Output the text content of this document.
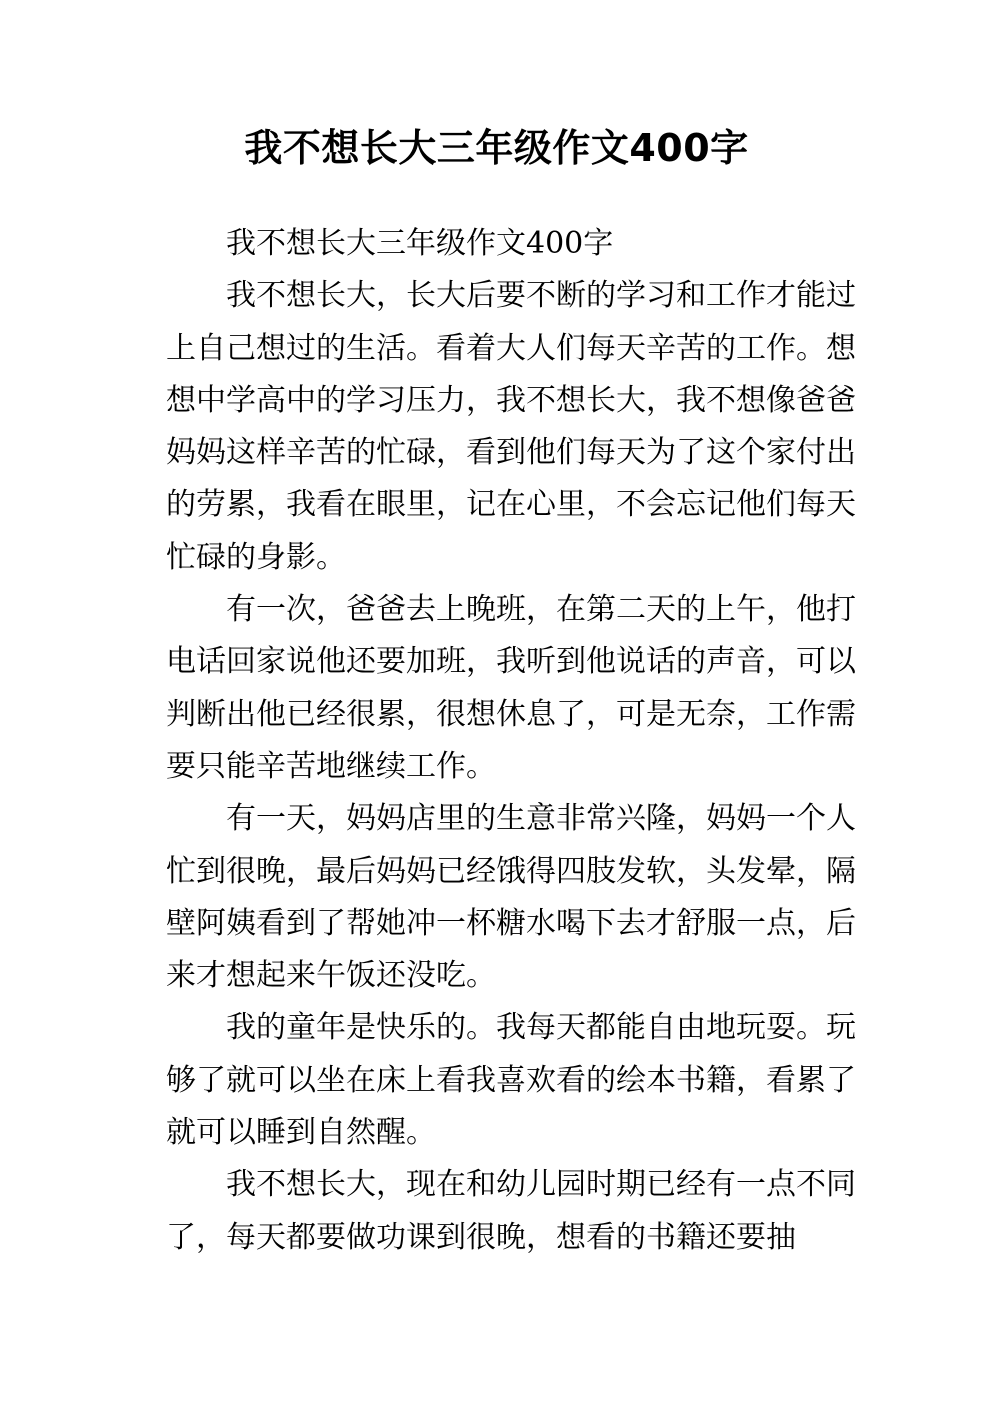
我不想长大三年级作文400字

我不想长大三年级作文400字

我不想长大，长大后要不断的学习和工作才能过上自己想过的生活。看着大人们每天辛苦的工作。想想中学高中的学习压力，我不想长大，我不想像爸爸妈妈这样辛苦的忙碌，看到他们每天为了这个家付出的劳累，我看在眼里，记在心里，不会忘记他们每天忙碌的身影。

有一次，爸爸去上晚班，在第二天的上午，他打电话回家说他还要加班，我听到他说话的声音，可以判断出他已经很累，很想休息了，可是无奈，工作需要只能辛苦地继续工作。

有一天，妈妈店里的生意非常兴隆，妈妈一个人忙到很晚，最后妈妈已经饿得四肢发软，头发晕，隔壁阿姨看到了帮她冲一杯糖水喝下去才舒服一点，后来才想起来午饭还没吃。

我的童年是快乐的。我每天都能自由地玩耍。玩够了就可以坐在床上看我喜欢看的绘本书籍，看累了就可以睡到自然醒。

我不想长大，现在和幼儿园时期已经有一点不同了，每天都要做功课到很晚，想看的书籍还要抽
